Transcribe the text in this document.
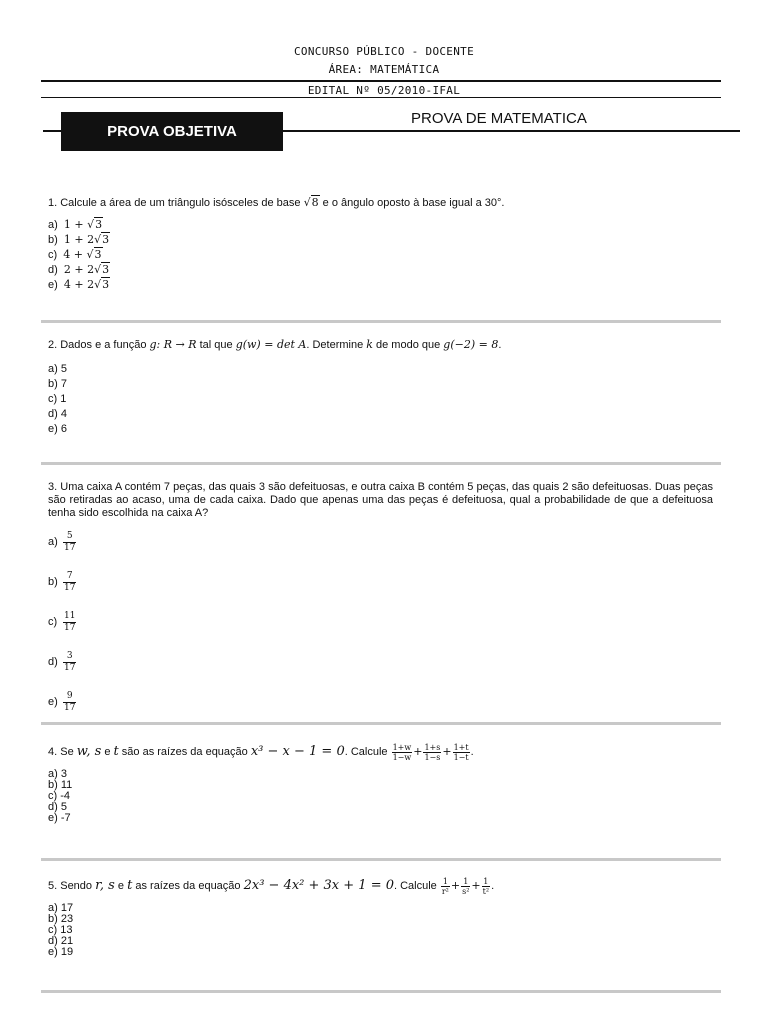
CONCURSO PÚBLICO - DOCENTE
ÁREA: MATEMÁTICA
EDITAL Nº 05/2010-IFAL
PROVA OBJETIVA
PROVA DE MATEMATICA
1. Calcule a área de um triângulo isósceles de base √8 e o ângulo oposto à base igual a 30°.
a) 1 + √3
b) 1 + 2√3
c) 4 + √3
d) 2 + 2√3
e) 4 + 2√3
2. Dados e a função g: R → R tal que g(w) = det A. Determine k de modo que g(−2) = 8.
a) 5
b) 7
c) 1
d) 4
e) 6
3. Uma caixa A contém 7 peças, das quais 3 são defeituosas, e outra caixa B contém 5 peças, das quais 2 são defeituosas. Duas peças são retiradas ao acaso, uma de cada caixa. Dado que apenas uma das peças é defeituosa, qual a probabilidade de que a defeituosa tenha sido escolhida na caixa A?
$a) \frac{5}{17}$
$b) \frac{7}{17}$
$c) \frac{11}{17}$
$d) \frac{3}{17}$
$e) \frac{9}{17}$
4. Se w, s e t são as raízes da equação x³ − x − 1 = 0. Calcule $\frac{1+w}{1-w} + \frac{1+s}{1-s} + \frac{1+t}{1-t}$ .
a) 3
b) 11
c) -4
d) 5
e) -7
5. Sendo r, s e t as raízes da equação 2x³ − 4x² + 3x + 1 = 0. Calcule $\frac{1}{\text{r²}} + \frac{1}{\text{s²}} + \frac{1}{\text{t²}}$ .
a) 17
b) 23
c) 13
d) 21
e) 19
